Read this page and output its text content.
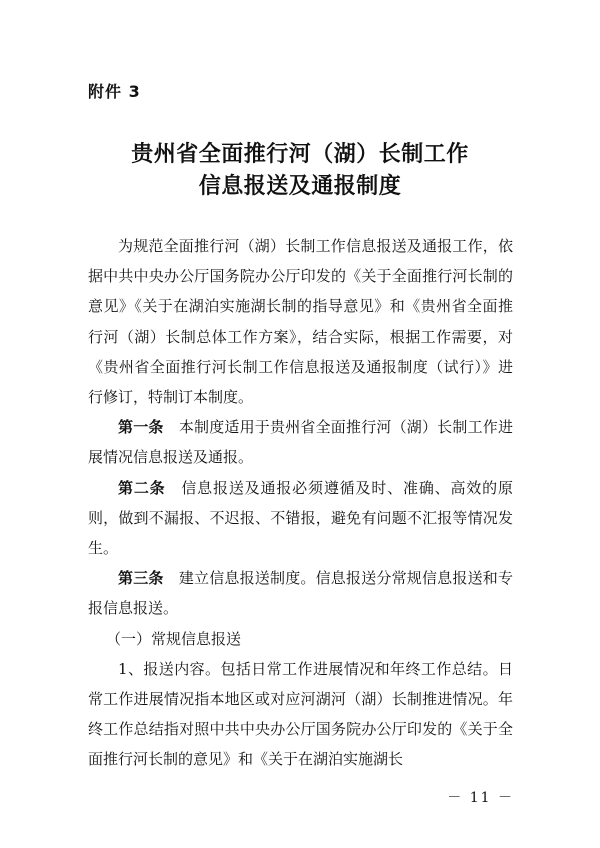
附件 3
贵州省全面推行河（湖）长制工作
信息报送及通报制度

为规范全面推行河（湖）长制工作信息报送及通报工作，依据中共中央办公厅国务院办公厅印发的《关于全面推行河长制的意见》《关于在湖泊实施湖长制的指导意见》和《贵州省全面推行河（湖）长制总体工作方案》，结合实际，根据工作需要，对《贵州省全面推行河长制工作信息报送及通报制度（试行）》进行修订，特制订本制度。

第一条　 本制度适用于贵州省全面推行河（湖）长制工作进展情况信息报送及通报。

第二条　 信息报送及通报必须遵循及时、准确、高效的原则，做到不漏报、不迟报、不错报，避免有问题不汇报等情况发生。

第三条　 建立信息报送制度。信息报送分常规信息报送和专报信息报送。

（一）常规信息报送

1、报送内容。包括日常工作进展情况和年终工作总结。日常工作进展情况指本地区或对应河湖河（湖）长制推进情况。年终工作总结指对照中共中央办公厅国务院办公厅印发的《关于全面推行河长制的意见》和《关于在湖泊实施湖长

－ 11 －
